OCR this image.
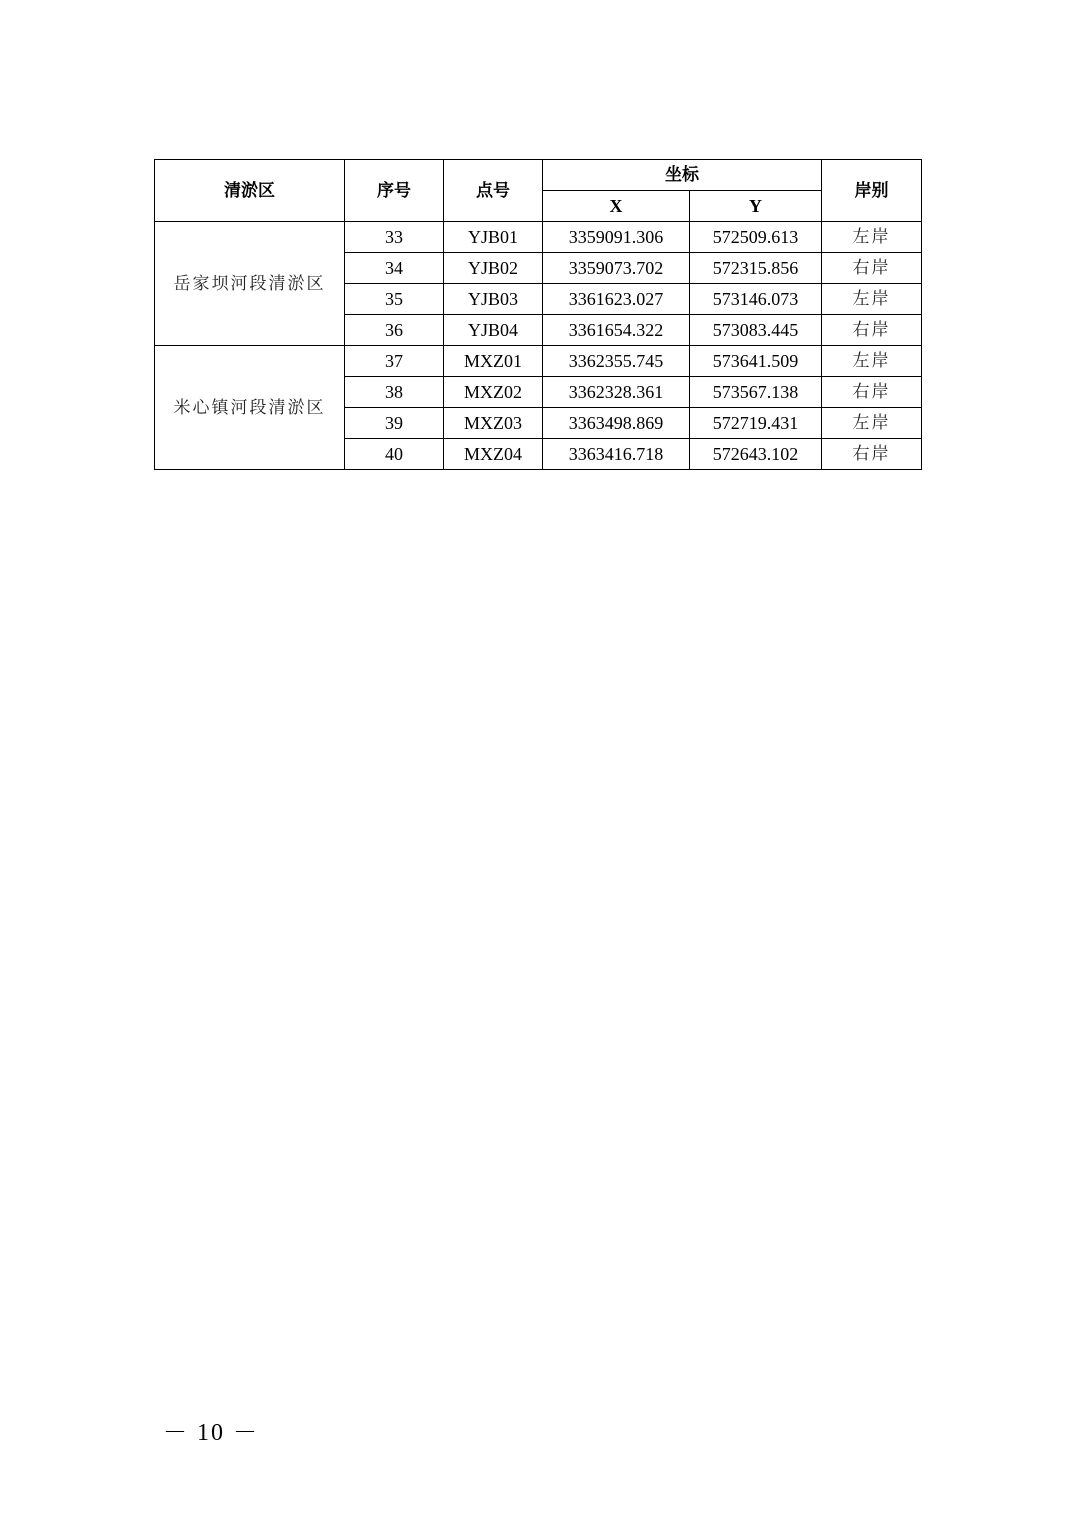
清淤区	序号	点号	坐标		岸别
			X	Y	
岳家坝河段清淤区	33	YJB01	3359091.306	572509.613	左岸
	34	YJB02	3359073.702	572315.856	右岸
	35	YJB03	3361623.027	573146.073	左岸
	36	YJB04	3361654.322	573083.445	右岸
米心镇河段清淤区	37	MXZ01	3362355.745	573641.509	左岸
	38	MXZ02	3362328.361	573567.138	右岸
	39	MXZ03	3363498.869	572719.431	左岸
	40	MXZ04	3363416.718	572643.102	右岸
－ 10 －
